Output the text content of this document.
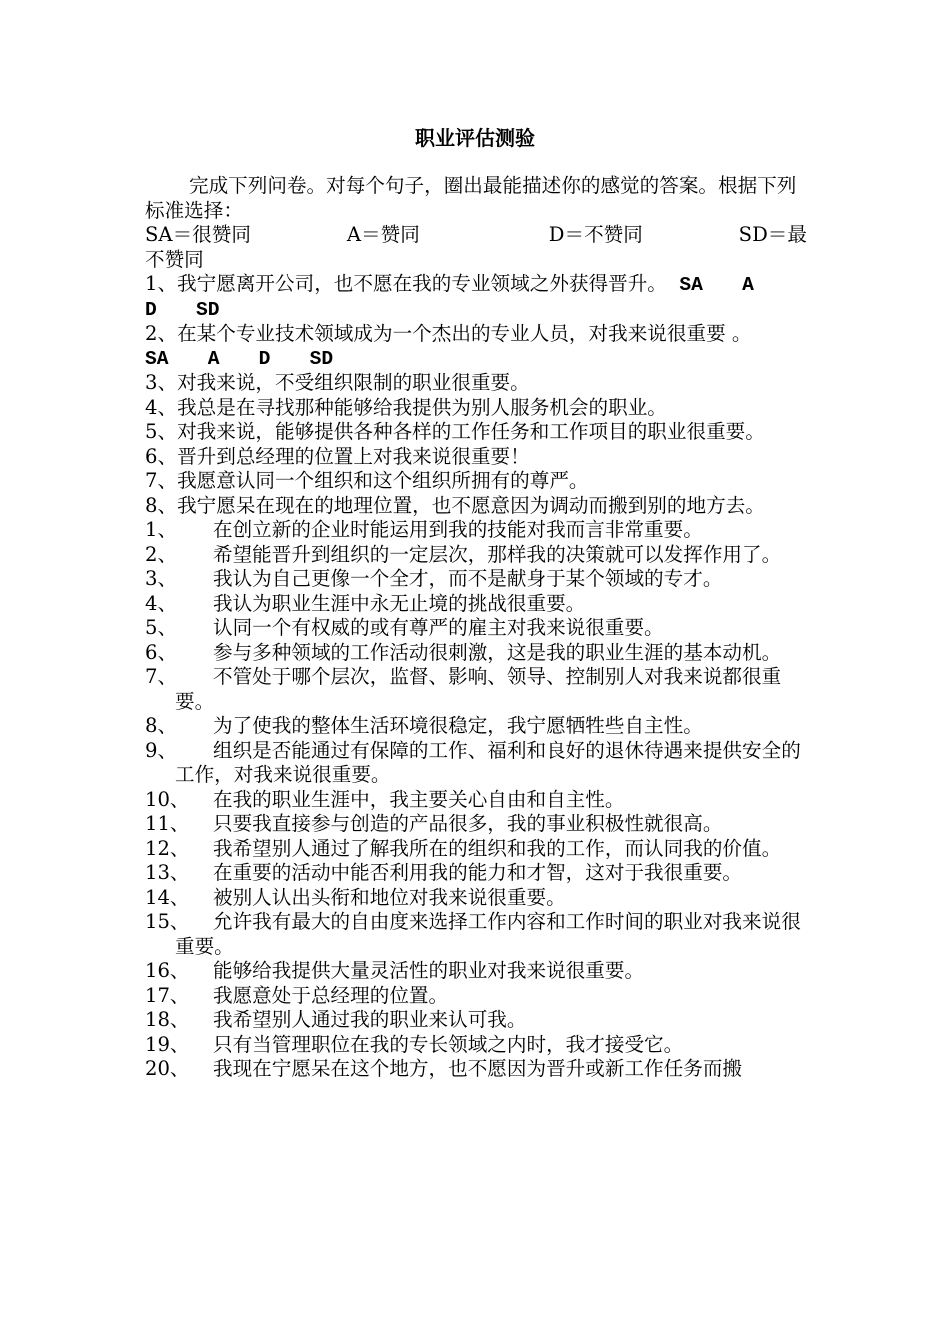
职业评估测验

完成下列问卷。对每个句子，圈出最能描述你的感觉的答案。根据下列标准选择：

SA＝很赞同	A＝赞同	D＝不赞同	SD＝最

不赞同

1、我宁愿离开公司，也不愿在我的专业领域之外获得晋升。 SA　　A

D　　SD

2、在某个专业技术领域成为一个杰出的专业人员，对我来说很重要 。

SA　　A　　D　　SD

3、对我来说，不受组织限制的职业很重要。

4、我总是在寻找那种能够给我提供为别人服务机会的职业。

5、对我来说，能够提供各种各样的工作任务和工作项目的职业很重要。

6、晋升到总经理的位置上对我来说很重要！

7、我愿意认同一个组织和这个组织所拥有的尊严。

8、我宁愿呆在现在的地理位置，也不愿意因为调动而搬到别的地方去。

1、 在创立新的企业时能运用到我的技能对我而言非常重要。

2、 希望能晋升到组织的一定层次，那样我的决策就可以发挥作用了。

3、 我认为自己更像一个全才，而不是献身于某个领域的专才。

4、 我认为职业生涯中永无止境的挑战很重要。

5、 认同一个有权威的或有尊严的雇主对我来说很重要。

6、 参与多种领域的工作活动很刺激，这是我的职业生涯的基本动机。

7、 不管处于哪个层次，监督、影响、领导、控制别人对我来说都很重要。

8、 为了使我的整体生活环境很稳定，我宁愿牺牲些自主性。

9、 组织是否能通过有保障的工作、福利和良好的退休待遇来提供安全的工作，对我来说很重要。

10、 在我的职业生涯中，我主要关心自由和自主性。

11、 只要我直接参与创造的产品很多，我的事业积极性就很高。

12、 我希望别人通过了解我所在的组织和我的工作，而认同我的价值。

13、 在重要的活动中能否利用我的能力和才智，这对于我很重要。

14、 被别人认出头衔和地位对我来说很重要。

15、 允许我有最大的自由度来选择工作内容和工作时间的职业对我来说很重要。

16、 能够给我提供大量灵活性的职业对我来说很重要。

17、 我愿意处于总经理的位置。

18、 我希望别人通过我的职业来认可我。

19、 只有当管理职位在我的专长领域之内时，我才接受它。

20、 我现在宁愿呆在这个地方，也不愿因为晋升或新工作任务而搬
